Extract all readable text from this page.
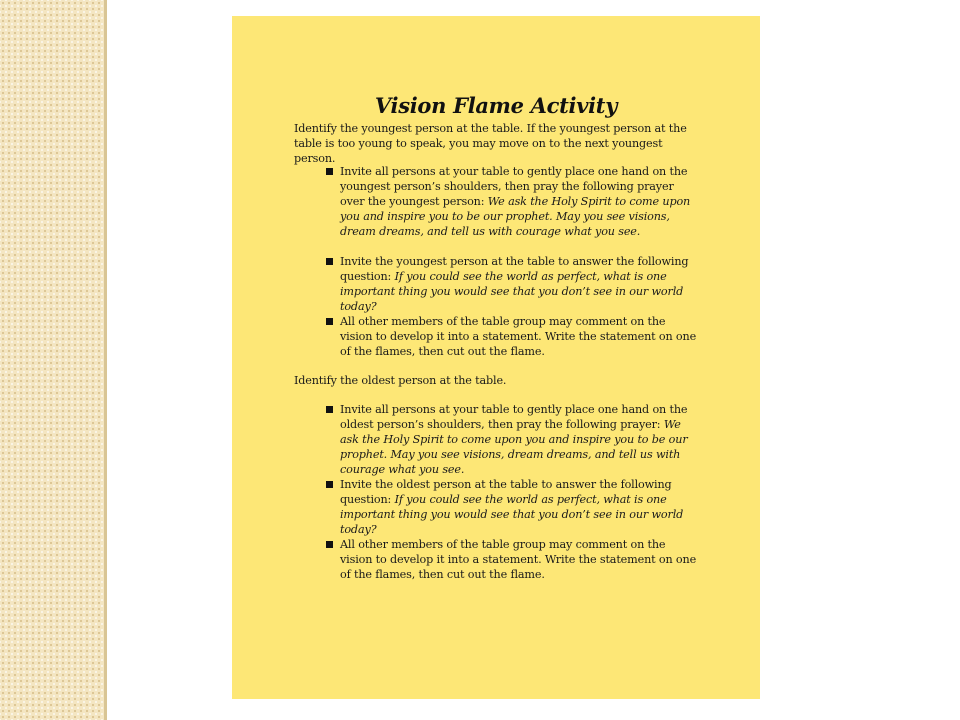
Vision Flame Activity
Identify the youngest person at the table. If the youngest person at the table is too young to speak, you may move on to the next youngest person.
Invite all persons at your table to gently place one hand on the youngest person’s shoulders, then pray the following prayer over the youngest person: We ask the Holy Spirit to come upon you and inspire you to be our prophet. May you see visions, dream dreams, and tell us with courage what you see.
Invite the youngest person at the table to answer the following question: If you could see the world as perfect, what is one important thing you would see that you don’t see in our world today?
All other members of the table group may comment on the vision to develop it into a statement. Write the statement on one of the flames, then cut out the flame.
Identify the oldest person at the table.
Invite all persons at your table to gently place one hand on the oldest person’s shoulders, then pray the following prayer: We ask the Holy Spirit to come upon you and inspire you to be our prophet. May you see visions, dream dreams, and tell us with courage what you see.
Invite the oldest person at the table to answer the following question: If you could see the world as perfect, what is one important thing you would see that you don’t see in our world today?
All other members of the table group may comment on the vision to develop it into a statement. Write the statement on one of the flames, then cut out the flame.
